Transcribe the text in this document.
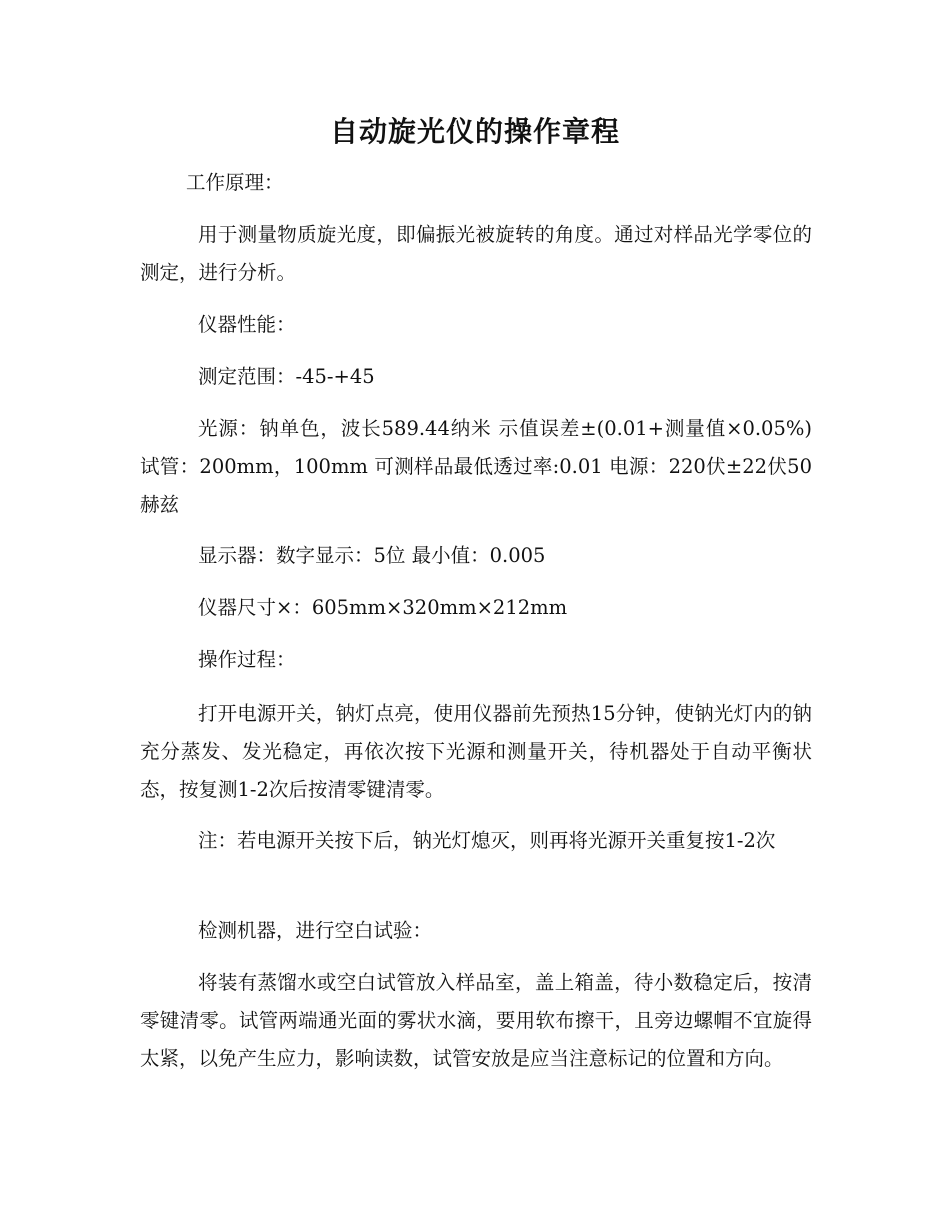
自动旋光仪的操作章程

工作原理：

用于测量物质旋光度，即偏振光被旋转的角度。通过对样品光学零位的测定，进行分析。

仪器性能：

测定范围：-45-+45

光源：钠单色，波长589.44纳米 示值误差±(0.01+测量值×0.05%) 试管：200mm，100mm 可测样品最低透过率:0.01 电源：220伏±22伏50赫兹

显示器：数字显示：5位 最小值：0.005

仪器尺寸×：605mm×320mm×212mm

操作过程：

打开电源开关，钠灯点亮，使用仪器前先预热15分钟，使钠光灯内的钠充分蒸发、发光稳定，再依次按下光源和测量开关，待机器处于自动平衡状态，按复测1-2次后按清零键清零。

注：若电源开关按下后，钠光灯熄灭，则再将光源开关重复按1-2次

检测机器，进行空白试验：

将装有蒸馏水或空白试管放入样品室，盖上箱盖，待小数稳定后，按清零键清零。试管两端通光面的雾状水滴，要用软布擦干，且旁边螺帽不宜旋得太紧，以免产生应力，影响读数，试管安放是应当注意标记的位置和方向。
